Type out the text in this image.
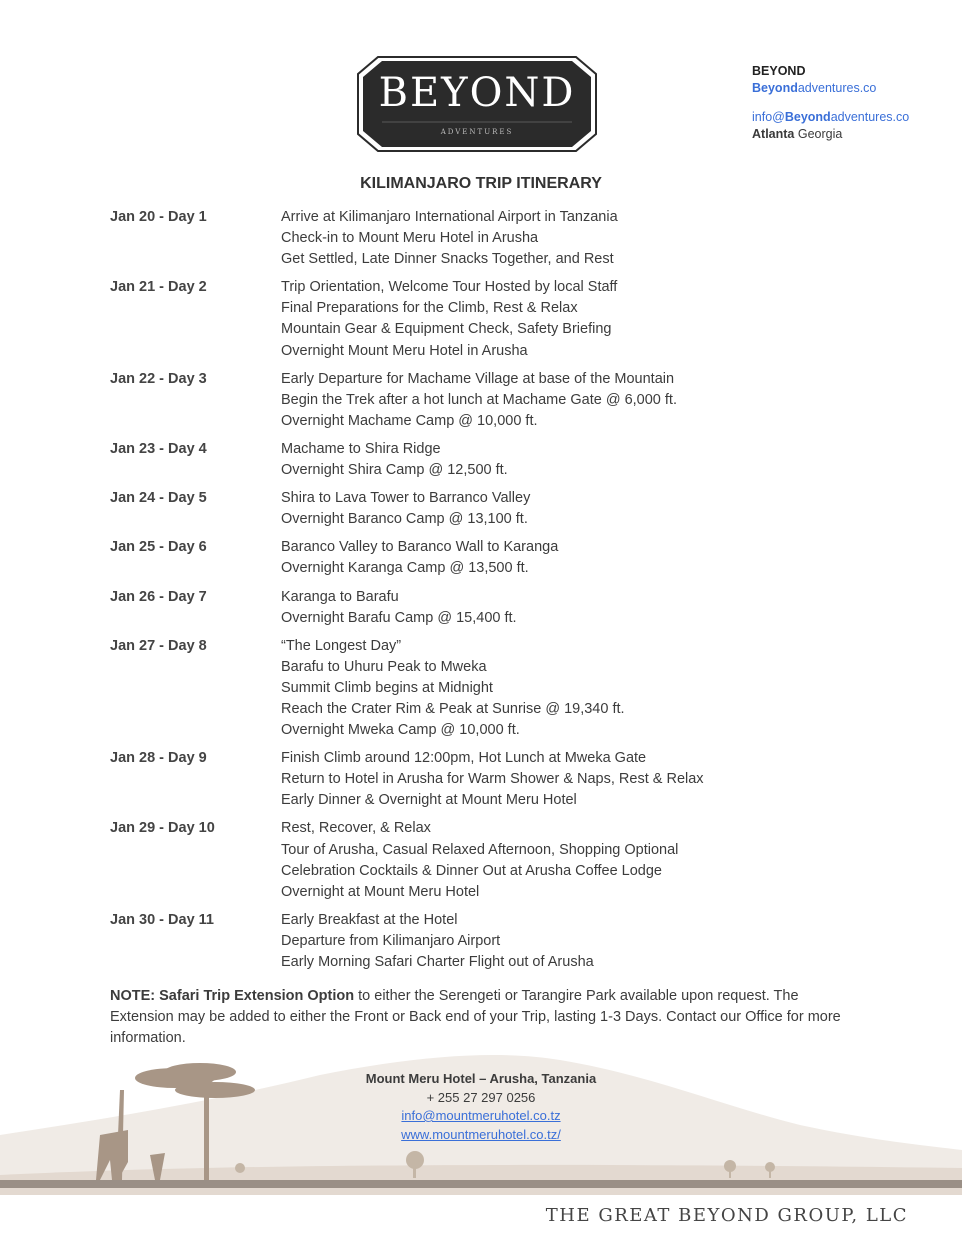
BEYOND
ADVENTURES
BEYOND
Beyondadventures.co
info@Beyondadventures.co
Atlanta Georgia
KILIMANJARO TRIP ITINERARY
Jan 20 - Day 1	Arrive at Kilimanjaro International Airport in Tanzania
Check-in to Mount Meru Hotel in Arusha
Get Settled, Late Dinner Snacks Together, and Rest
Jan 21 - Day 2	Trip Orientation, Welcome Tour Hosted by local Staff
Final Preparations for the Climb, Rest & Relax
Mountain Gear & Equipment Check, Safety Briefing
Overnight Mount Meru Hotel in Arusha
Jan 22 - Day 3	Early Departure for Machame Village at base of the Mountain
Begin the Trek after a hot lunch at Machame Gate @ 6,000 ft.
Overnight Machame Camp @ 10,000 ft.
Jan 23 - Day 4	Machame to Shira Ridge
Overnight Shira Camp @ 12,500 ft.
Jan 24 - Day 5	Shira to Lava Tower to Barranco Valley
Overnight Baranco Camp @ 13,100 ft.
Jan 25 - Day 6	Baranco Valley to Baranco Wall to Karanga
Overnight Karanga Camp @ 13,500 ft.
Jan 26 - Day 7	Karanga to Barafu
Overnight Barafu Camp @ 15,400 ft.
Jan 27 - Day 8	“The Longest Day”
Barafu to Uhuru Peak to Mweka
Summit Climb begins at Midnight
Reach the Crater Rim & Peak at Sunrise @ 19,340 ft.
Overnight Mweka Camp @ 10,000 ft.
Jan 28 - Day 9	Finish Climb around 12:00pm, Hot Lunch at Mweka Gate
Return to Hotel in Arusha for Warm Shower & Naps, Rest & Relax
Early Dinner & Overnight at Mount Meru Hotel
Jan 29 - Day 10	Rest, Recover, & Relax
Tour of Arusha, Casual Relaxed Afternoon, Shopping Optional
Celebration Cocktails & Dinner Out at Arusha Coffee Lodge
Overnight at Mount Meru Hotel
Jan 30 - Day 11	Early Breakfast at the Hotel
Departure from Kilimanjaro Airport
Early Morning Safari Charter Flight out of Arusha
NOTE: Safari Trip Extension Option to either the Serengeti or Tarangire Park available upon request. The Extension may be added to either the Front or Back end of your Trip, lasting 1-3 Days. Contact our Office for more information.
Mount Meru Hotel – Arusha, Tanzania
+ 255 27 297 0256
info@mountmeruhotel.co.tz
www.mountmeruhotel.co.tz/
THE GREAT BEYOND GROUP, LLC
